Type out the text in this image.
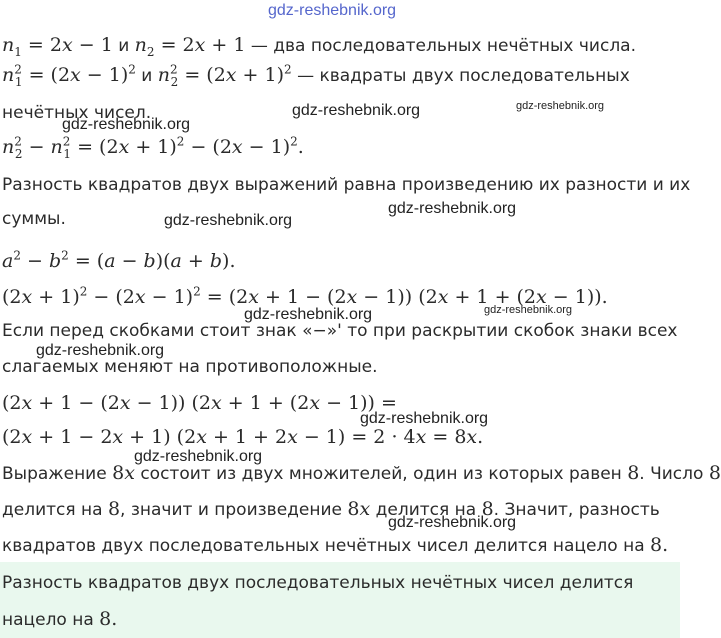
gdz-reshebnik.org
$n_1 = 2x - 1$ и $n_2 = 2x + 1$ — два последовательных нечётных числа.
$n^2_1 = (2x - 1)^2$ и $n^2_2 = (2x + 1)^2$ — квадраты двух последовательных
нечётных чисел.	gdz-reshebnik.org	gdz-reshebnik.org
gdz-reshebnik.org
$n^2_2 - n^2_1 = (2x + 1)^2 - (2x - 1)^2$.
Разность квадратов двух выражений равна произведению их разности и их
суммы.
gdz-reshebnik.org
gdz-reshebnik.org
$a^2 - b^2 = (a - b)(a + b)$.
$(2x + 1)^2 - (2x - 1)^2 = (2x + 1 - (2x - 1))$ (2x + 1 + (2x − 1)).
gdz-reshebnik.org	gdz-reshebnik.org
Если перед скобками стоит знак «−»' то при раскрытии скобок знаки всех
gdz-reshebnik.org
слагаемых меняют на противоположные.
(2x + 1 − (2x − 1)) (2x + 1 + (2x − 1)) =
gdz-reshebnik.org
(2x + 1 − 2x + 1) (2x + 1 + 2x − 1) = 2 · 4x = 8x.
gdz-reshebnik.org
Выражение 8x состоит из двух множителей, один из которых равен 8. Число 8
делится на 8, значит и произведение 8x делится на 8. Значит, разность
gdz-reshebnik.org
квадратов двух последовательных нечётных чисел делится нацело на 8.
Разность квадратов двух последовательных нечётных чисел делится
нацело на 8.
